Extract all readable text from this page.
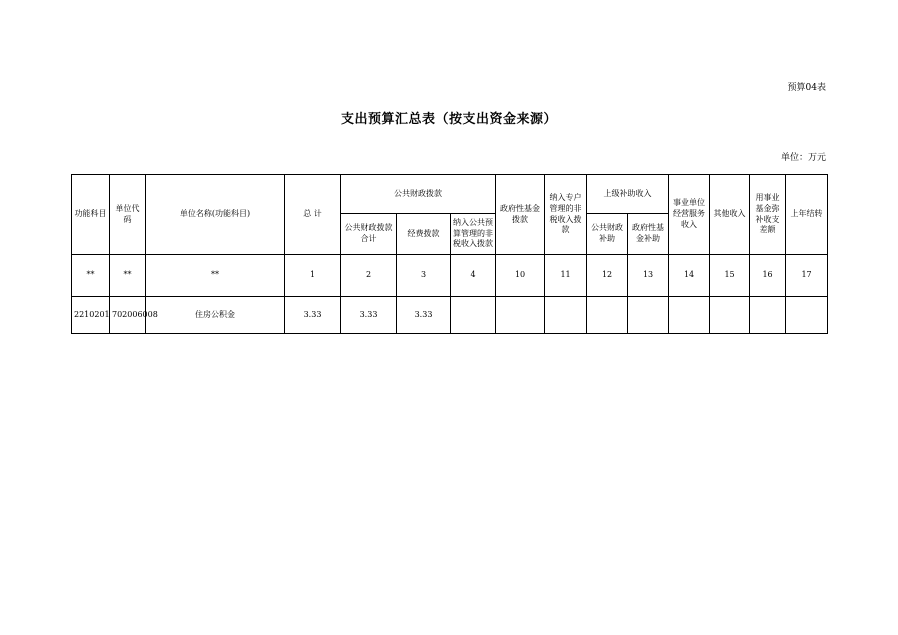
预算04表
支出预算汇总表（按支出资金来源）
单位：万元
功能科目	单位代码	单位名称(功能科目)	总 计	公共财政拨款			政府性基金拨款	纳入专户管理的非税收入拨款	上级补助收入		事业单位经营服务收入	其他收入	用事业基金弥补收支差额	上年结转
				公共财政拨款合计	经费拨款	纳入公共预算管理的非税收入拨款								
									公共财政补助	政府性基金补助				
**	**	**	1	2	3	4	10	11	12	13	14	15	16	17
2210201	702006008	住房公积金	3.33	3.33	3.33									
